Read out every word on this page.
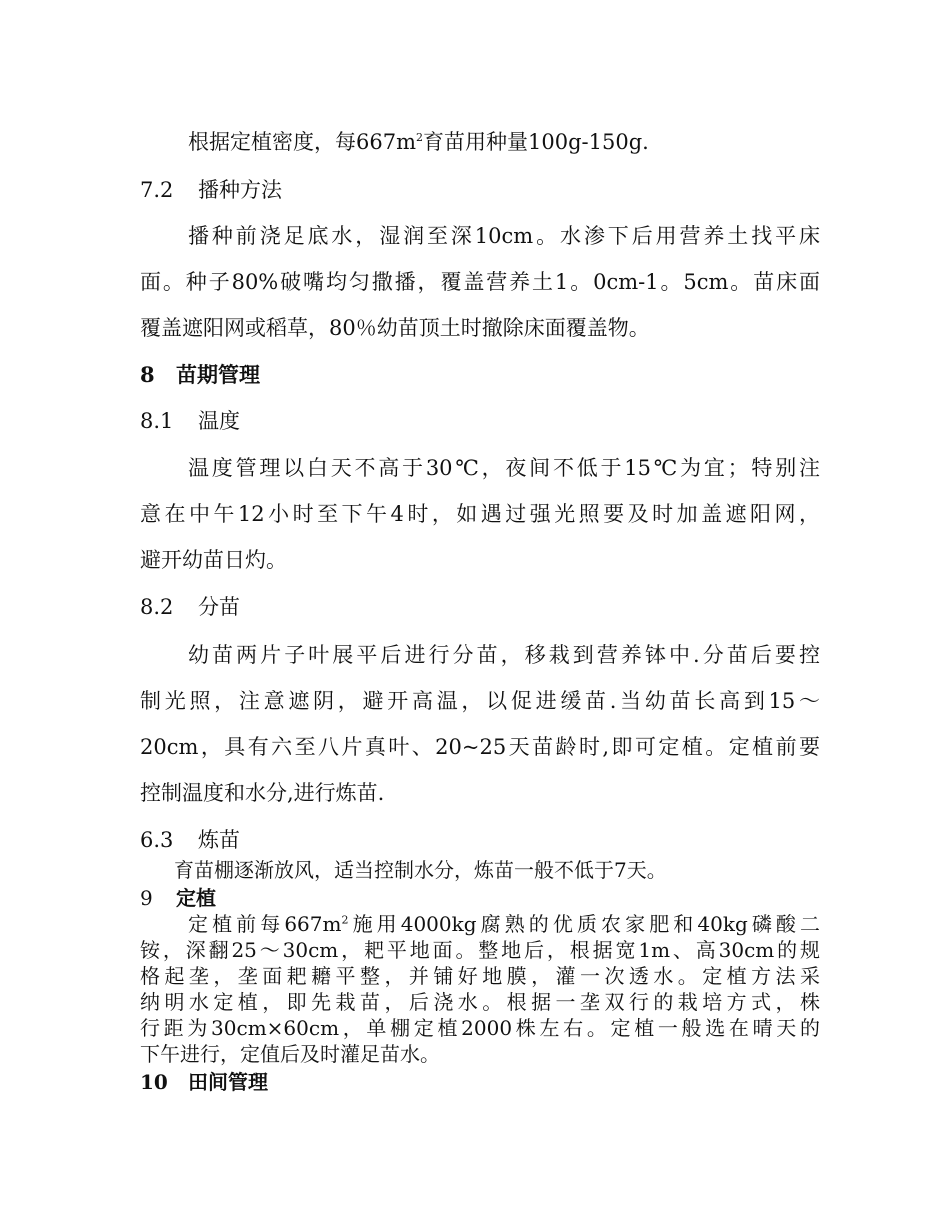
根据定植密度，每$667m^2$育苗用种量100g-150g.
7.2 播种方法
播种前浇足底水，湿润至深10cm。水渗下后用营养土找平床
面。种子80%破嘴均匀撒播，覆盖营养土1。0cm-1。5cm。苗床面
覆盖遮阳网或稻草，80％幼苗顶土时撤除床面覆盖物。
8 苗期管理
8.1 温度
温度管理以白天不高于30℃，夜间不低于15℃为宜；特别注
意在中午12小时至下午4时，如遇过强光照要及时加盖遮阳网，
避开幼苗日灼。
8.2 分苗
幼苗两片子叶展平后进行分苗，移栽到营养钵中.分苗后要控
制光照，注意遮阴，避开高温，以促进缓苗.当幼苗长高到15～
20cm，具有六至八片真叶、20~25天苗龄时,即可定植。定植前要
控制温度和水分,进行炼苗.
6.3 炼苗
育苗棚逐渐放风，适当控制水分，炼苗一般不低于7天。
9 定植
定植前每$667m^2$施用4000kg腐熟的优质农家肥和40kg磷酸二
铵，深翻25～30cm，耙平地面。整地后，根据宽1m、高30cm的规
格起垄，垄面耙耱平整，并铺好地膜，灌一次透水。定植方法采
纳明水定植，即先栽苗，后浇水。根据一垄双行的栽培方式，株
行距为30cm×60cm，单棚定植2000株左右。定植一般选在晴天的
下午进行，定值后及时灌足苗水。
10 田间管理
